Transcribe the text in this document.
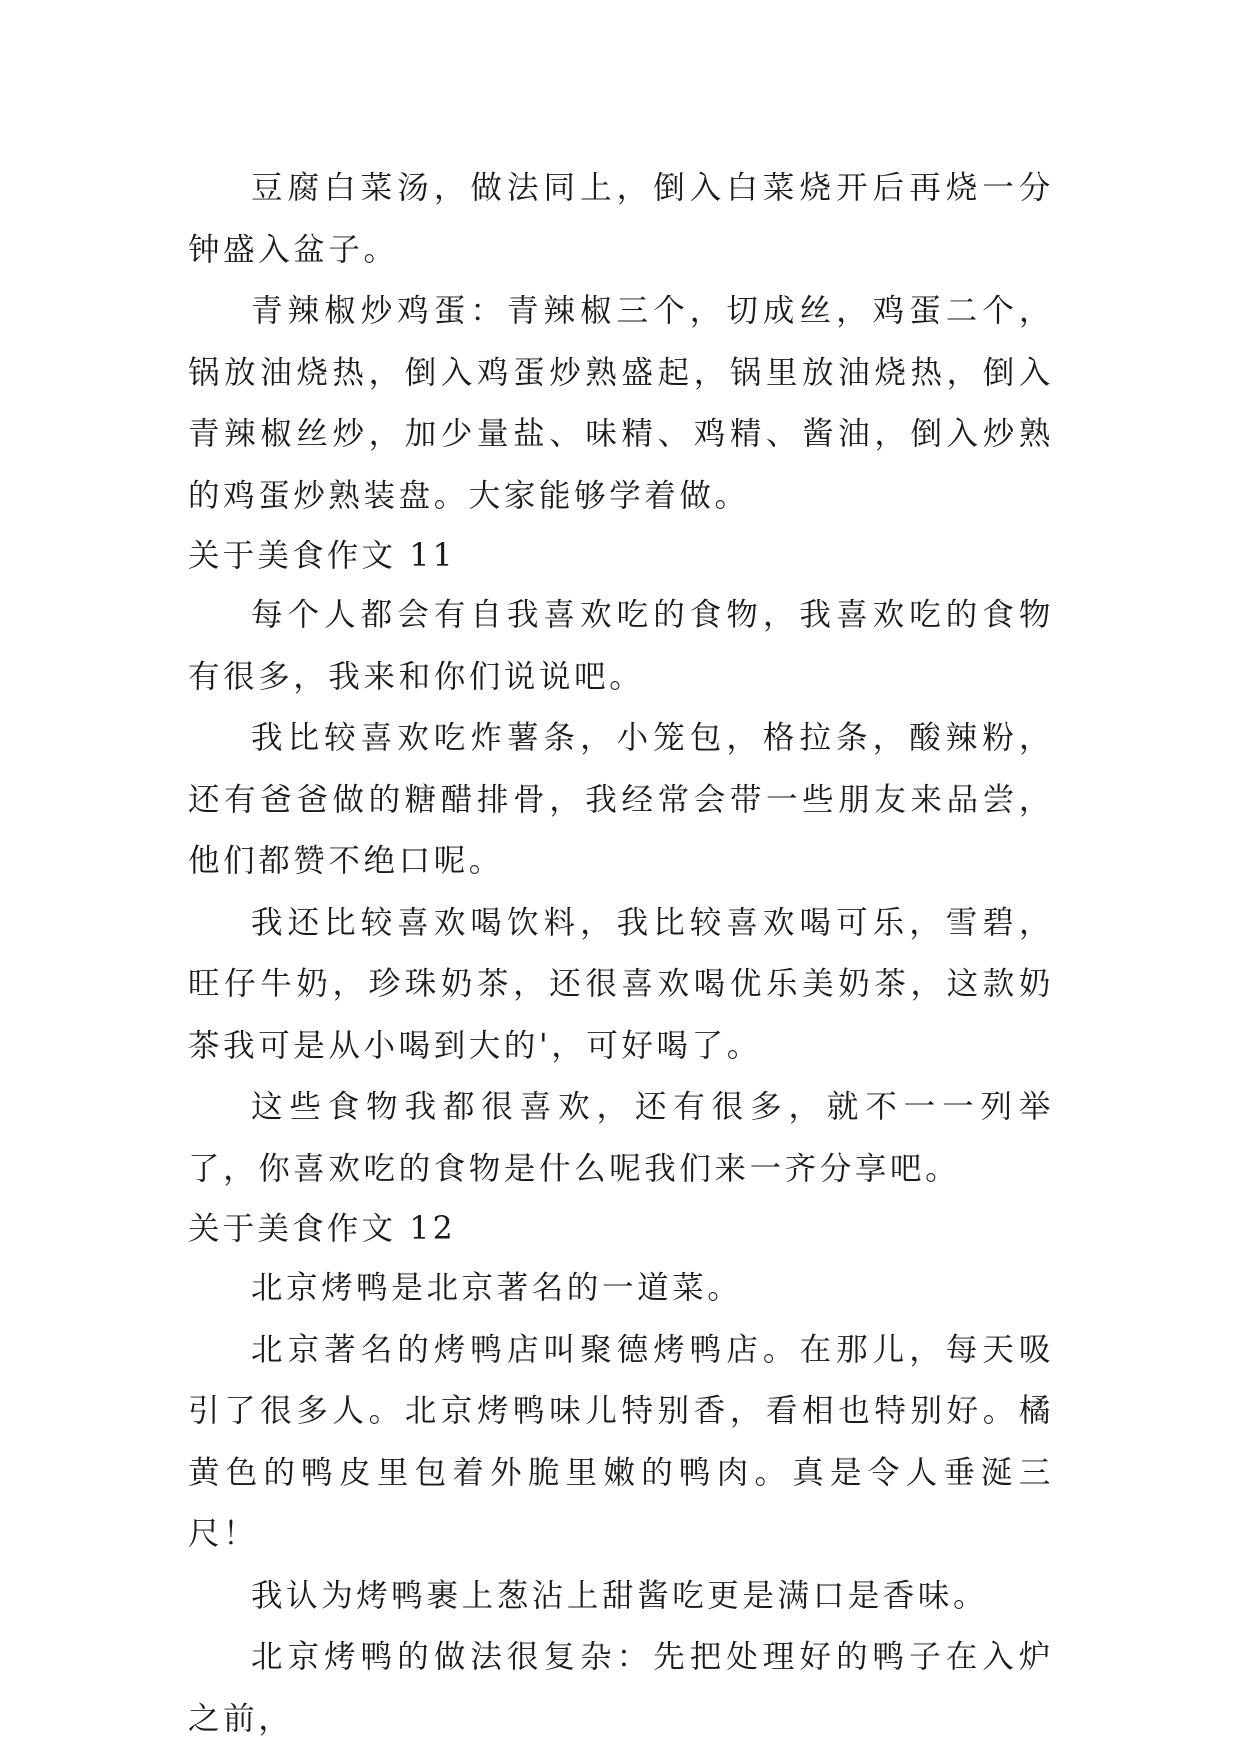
豆腐白菜汤，做法同上，倒入白菜烧开后再烧一分钟盛入盆子。

青辣椒炒鸡蛋：青辣椒三个，切成丝，鸡蛋二个，锅放油烧热，倒入鸡蛋炒熟盛起，锅里放油烧热，倒入青辣椒丝炒，加少量盐、味精、鸡精、酱油，倒入炒熟的鸡蛋炒熟装盘。大家能够学着做。

关于美食作文 11

每个人都会有自我喜欢吃的食物，我喜欢吃的食物有很多，我来和你们说说吧。

我比较喜欢吃炸薯条，小笼包，格拉条，酸辣粉，还有爸爸做的糖醋排骨，我经常会带一些朋友来品尝，他们都赞不绝口呢。

我还比较喜欢喝饮料，我比较喜欢喝可乐，雪碧，旺仔牛奶，珍珠奶茶，还很喜欢喝优乐美奶茶，这款奶茶我可是从小喝到大的'，可好喝了。

这些食物我都很喜欢，还有很多，就不一一列举了，你喜欢吃的食物是什么呢我们来一齐分享吧。

关于美食作文 12

北京烤鸭是北京著名的一道菜。

北京著名的烤鸭店叫聚德烤鸭店。在那儿，每天吸引了很多人。北京烤鸭味儿特别香，看相也特别好。橘黄色的鸭皮里包着外脆里嫩的鸭肉。真是令人垂涎三尺！

我认为烤鸭裹上葱沾上甜酱吃更是满口是香味。

北京烤鸭的做法很复杂：先把处理好的鸭子在入炉之前，
